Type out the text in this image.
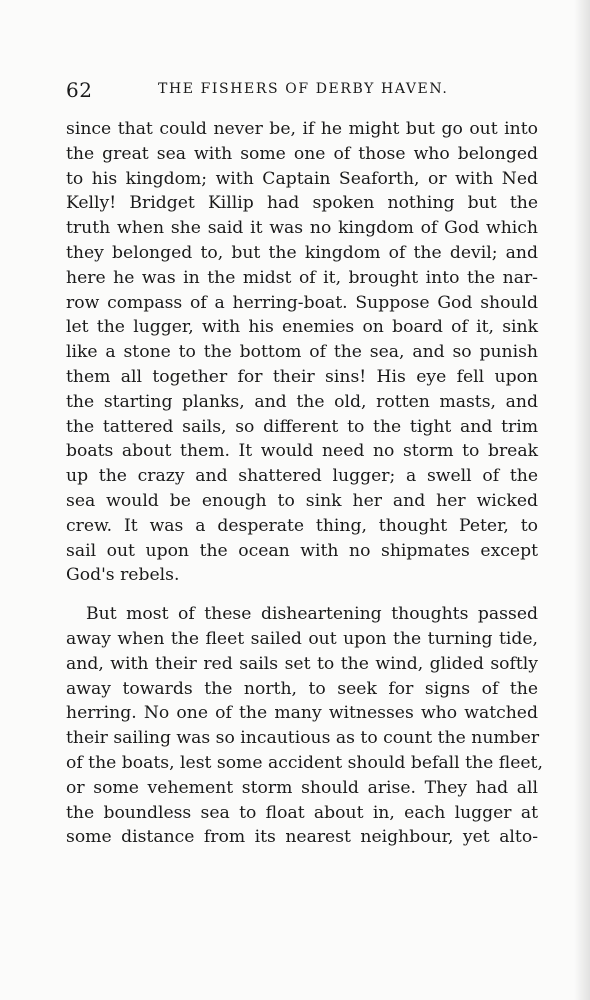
62	THE FISHERS OF DERBY HAVEN.
since that could never be, if he might but go out into
the great sea with some one of those who belonged
to his kingdom; with Captain Seaforth, or with Ned
Kelly! Bridget Killip had spoken nothing but the
truth when she said it was no kingdom of God which
they belonged to, but the kingdom of the devil; and
here he was in the midst of it, brought into the nar-
row compass of a herring-boat. Suppose God should
let the lugger, with his enemies on board of it, sink
like a stone to the bottom of the sea, and so punish
them all together for their sins! His eye fell upon
the starting planks, and the old, rotten masts, and
the tattered sails, so different to the tight and trim
boats about them. It would need no storm to break
up the crazy and shattered lugger; a swell of the
sea would be enough to sink her and her wicked
crew. It was a desperate thing, thought Peter, to
sail out upon the ocean with no shipmates except
God's rebels.
But most of these disheartening thoughts passed
away when the fleet sailed out upon the turning tide,
and, with their red sails set to the wind, glided softly
away towards the north, to seek for signs of the
herring. No one of the many witnesses who watched
their sailing was so incautious as to count the number
of the boats, lest some accident should befall the fleet,
or some vehement storm should arise. They had all
the boundless sea to float about in, each lugger at
some distance from its nearest neighbour, yet alto-
